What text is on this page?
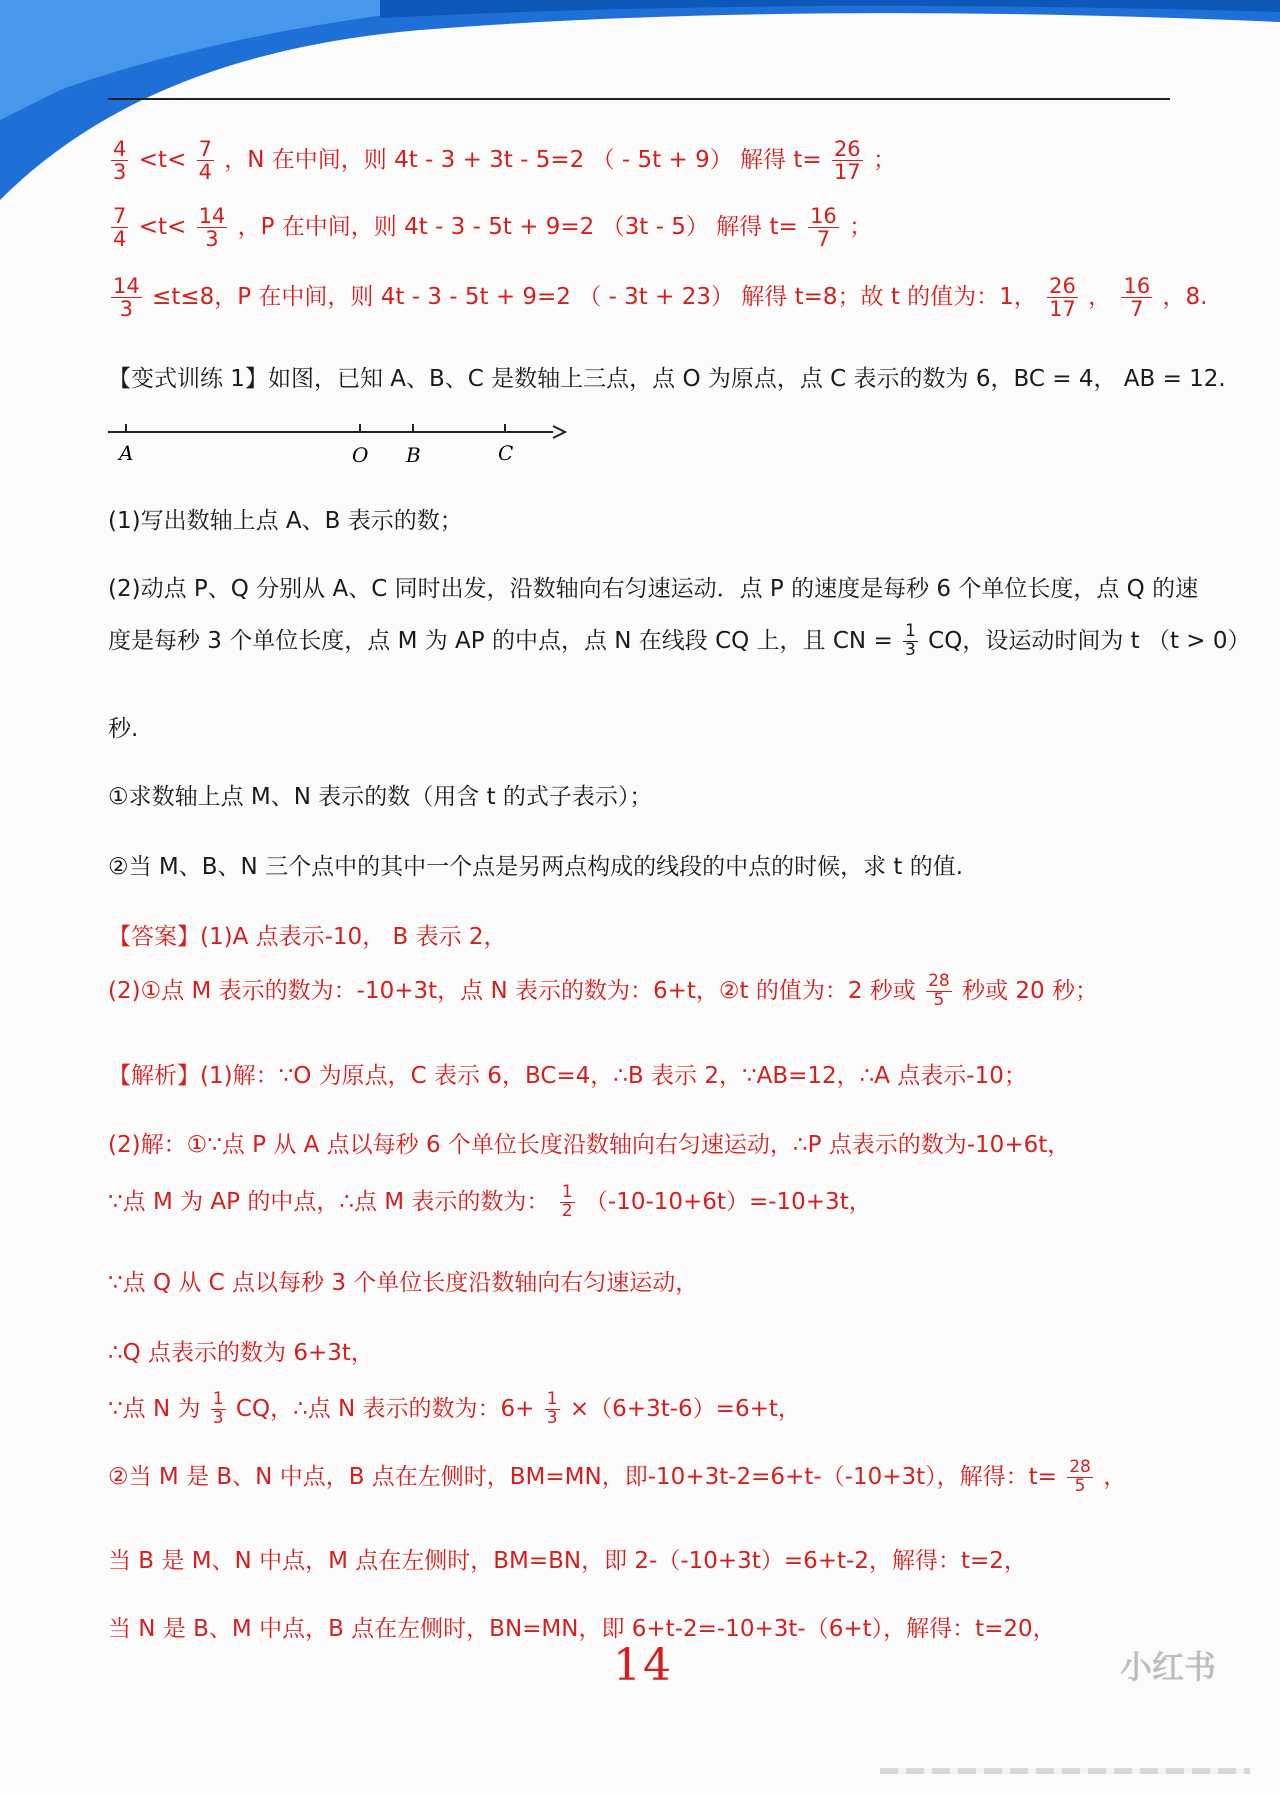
$\frac{4}{3} <t< \frac{7}{4}$ ，N 在中间，则 4t - 3 + 3t - 5=2 （ - 5t + 9） 解得 $t= \frac{26}{17}$ ；
$\frac{7}{4} <t< \frac{14}{3}$ ，P 在中间，则 4t - 3 - 5t + 9=2 （3t - 5） 解得 $t= \frac{16}{7}$ ；
$\frac{14}{3} \le t\le 8$，P 在中间，则 4t - 3 - 5t + 9=2 （ - 3t + 23） 解得 t=8；故 t 的值为：1， $\frac{26}{17}$ ， $\frac{16}{7}$ ，8.
【变式训练 1】如图，已知 A、B、C 是数轴上三点，点 O 为原点，点 C 表示的数为 6，BC = 4， AB = 12.
A	O B	C
(1)写出数轴上点 A、B 表示的数；
(2)动点 P、Q 分别从 A、C 同时出发，沿数轴向右匀速运动．点 P 的速度是每秒 6 个单位长度，点 Q 的速
度是每秒 3 个单位长度，点 M 为 AP 的中点，点 N 在线段 CQ 上，且 CN = $\frac{1}{3}$ CQ，设运动时间为 t （t > 0）
秒.
①求数轴上点 M、N 表示的数（用含 t 的式子表示）；
②当 M、B、N 三个点中的其中一个点是另两点构成的线段的中点的时候，求 t 的值.
【答案】(1)A 点表示-10， B 表示 2，
(2)①点 M 表示的数为：-10+3t，点 N 表示的数为：6+t，②t 的值为：2 秒或 $\frac{28}{5}$ 秒或 20 秒；
【解析】(1)解：∵O 为原点，C 表示 6，BC=4，∴B 表示 2，∵AB=12，∴A 点表示-10；
(2)解：①∵点 P 从 A 点以每秒 6 个单位长度沿数轴向右匀速运动，∴P 点表示的数为-10+6t，
∵点 M 为 AP 的中点，∴点 M 表示的数为： $\frac{1}{2} (-10-10+6t)=-10+3t$，
∵点 Q 从 C 点以每秒 3 个单位长度沿数轴向右匀速运动，
∴Q 点表示的数为 6+3t，
∵点 N 为 $\frac{1}{3}$ CQ，∴点 N 表示的数为：$6+ \frac{1}{3} \times(6+3t-6)=6+t$，
②当 M 是 B、N 中点，B 点在左侧时，BM=MN，即-10+3t-2=6+t-（-10+3t），解得：$t= \frac{28}{5}$ ，
当 B 是 M、N 中点，M 点在左侧时，BM=BN，即 2-（-10+3t）=6+t-2，解得：t=2，
当 N 是 B、M 中点，B 点在左侧时，BN=MN，即 6+t-2=-10+3t-（6+t），解得：t=20，
14	小红书
